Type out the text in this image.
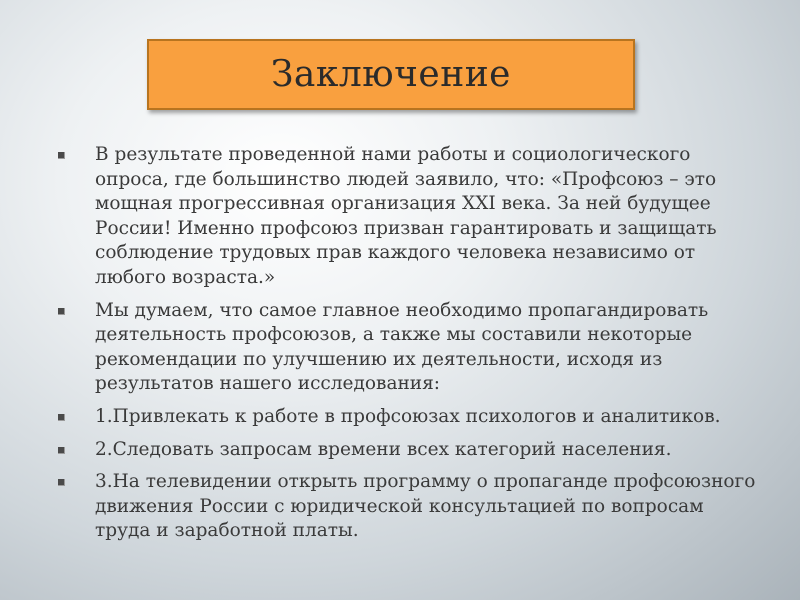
Заключение
В результате проведенной нами работы и социологического опроса, где большинство людей заявило, что: «Профсоюз – это мощная прогрессивная организация XXI века. За ней будущее России! Именно профсоюз призван гарантировать и защищать соблюдение трудовых прав каждого человека независимо от любого возраста.»
Мы думаем, что самое главное необходимо пропагандировать деятельность профсоюзов, а также мы составили некоторые рекомендации по улучшению их деятельности, исходя из результатов нашего исследования:
1.Привлекать к работе в профсоюзах психологов и аналитиков.
2.Следовать запросам времени всех категорий населения.
3.На телевидении открыть программу о пропаганде профсоюзного движения России с юридической консультацией по вопросам труда и заработной платы.
